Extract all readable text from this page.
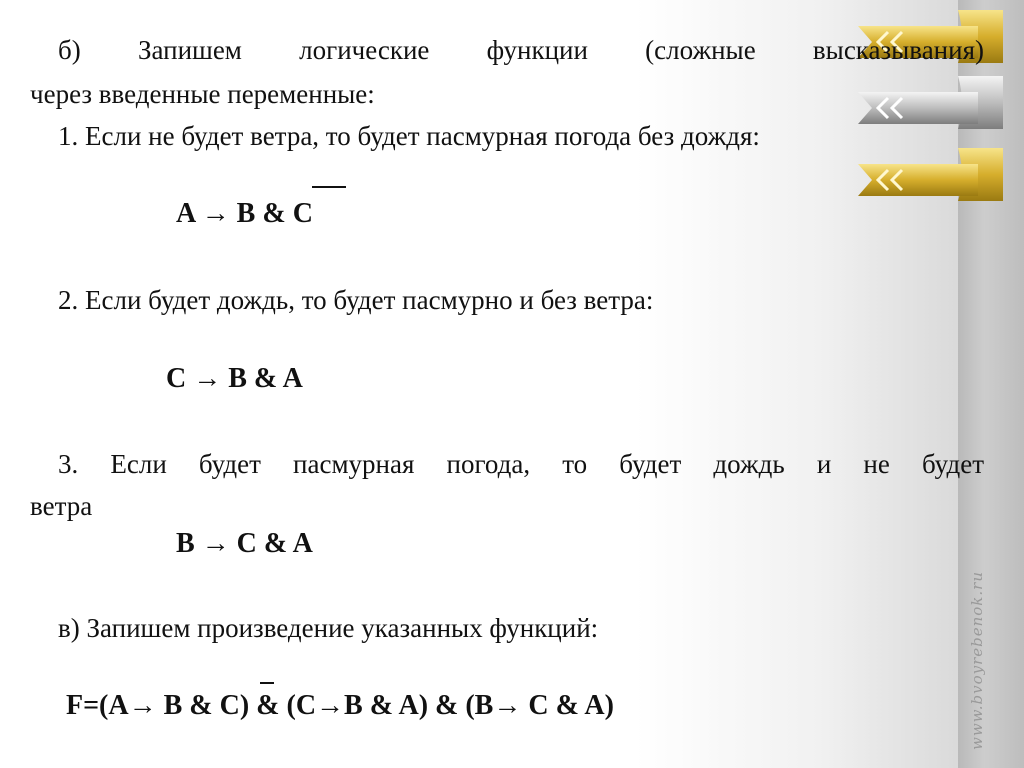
www.bvoyrebenok.ru
б) Запишем логические функции (сложные высказывания)
через введенные переменные:
1. Если не будет ветра, то будет пасмурная погода без дождя:
A → B & C
2. Если будет дождь, то будет пасмурно и без ветра:
C → B & A
3. Если будет пасмурная погода, то будет дождь и не будет
ветра
B → C & A
в) Запишем произведение указанных функций:
F=(A→ B & C) & (C→B & A) & (B→ C & A)
